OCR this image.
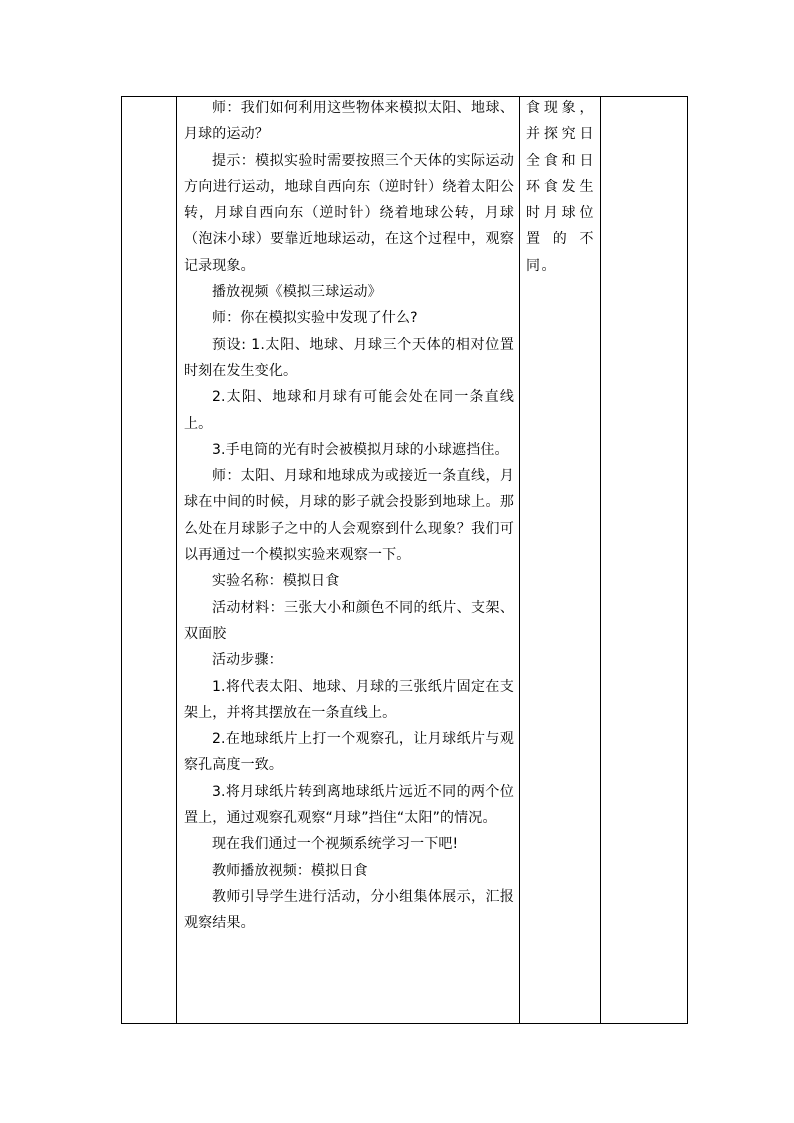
师：我们如何利用这些物体来模拟太阳、地球、月球的运动？

提示：模拟实验时需要按照三个天体的实际运动方向进行运动，地球自西向东（逆时针）绕着太阳公转，月球自西向东（逆时针）绕着地球公转，月球（泡沫小球）要靠近地球运动，在这个过程中，观察记录现象。

播放视频《模拟三球运动》

师：你在模拟实验中发现了什么?

预设: 1.太阳、地球、月球三个天体的相对位置时刻在发生变化。

2.太阳、地球和月球有可能会处在同一条直线上。

3.手电筒的光有时会被模拟月球的小球遮挡住。

师：太阳、月球和地球成为或接近一条直线，月球在中间的时候，月球的影子就会投影到地球上。那么处在月球影子之中的人会观察到什么现象？我们可以再通过一个模拟实验来观察一下。

实验名称：模拟日食

活动材料：三张大小和颜色不同的纸片、支架、双面胶

活动步骤：

1.将代表太阳、地球、月球的三张纸片固定在支架上，并将其摆放在一条直线上。

2.在地球纸片上打一个观察孔，让月球纸片与观察孔高度一致。

3.将月球纸片转到离地球纸片远近不同的两个位置上，通过观察孔观察“月球”挡住“太阳”的情况。

现在我们通过一个视频系统学习一下吧!

教师播放视频：模拟日食

教师引导学生进行活动，分小组集体展示，汇报观察结果。

食现象，并探究日全食和日环食发生时月球位置的不同。
